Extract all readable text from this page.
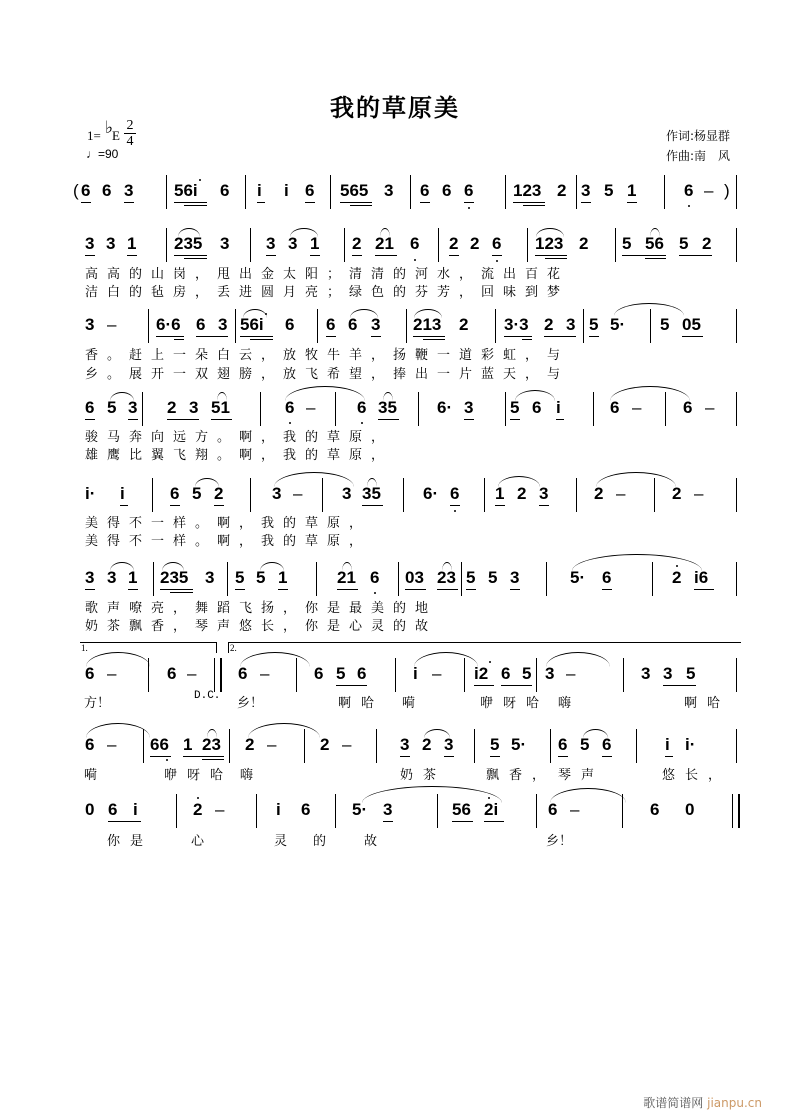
我的草原美
1= ♭
E $\frac{2}{4}$
♩=90
作词:杨显群
作曲:南　风
( 6 6 3 56i 6 i i 6 565 3 6 6 6 123 2 3 5 1	6 – )
3 3 1 235 3 3 3 1 2 21 6 2 2 6 123 2 5 56 5 2
高高的山岗，甩出金太阳；清清的河水，流出百花
洁白的毡房，丢进圆月亮；绿色的芬芳，回味到梦
3 – 6·6 6 3 56i 6 6 6 3 213 2 3·3 2 3 5 5· 5 05
香。赶上一朵白云，放牧牛羊，扬鞭一道彩虹，与
乡。展开一双翅膀，放飞希望，捧出一片蓝天，与
6 5 3 2 3 51	6 – 6 35 6· 3 5 6 i	6 – 6 –
骏马奔向远方。啊，我的草原，
雄鹰比翼飞翔。啊，我的草原，
i· i	6 5 2	3 – 3 35 6· 6 1 2 3	2 –	2 –
美得不一样。啊，我的草原，
美得不一样。啊，我的草原，
3 3 1 235 3 5 5 1	21 6 03 23 5 5 3	5· 6	2 i6
歌声嘹亮，舞蹈飞扬，你是最美的地
奶茶飘香，琴声悠长，你是心灵的故
1.	2.
6 –	6 – 6 –	6 5 6	i – i2 6 5 3 –	3 3 5
方！	D.C. 乡！	啊哈 嗬	咿呀哈 嗨	啊哈
6 – 66 1 23 2 –	2 –	3 2 3 5 5· 6 5 6	i i·
嗬	咿呀哈 嗨	奶茶	飘香， 琴声	悠长，
0 6 i	2 –	i 6 5· 3	56 2i	6 –	6 0
你是	心	灵的 故	乡！
歌谱简谱网 jianpu.cn
